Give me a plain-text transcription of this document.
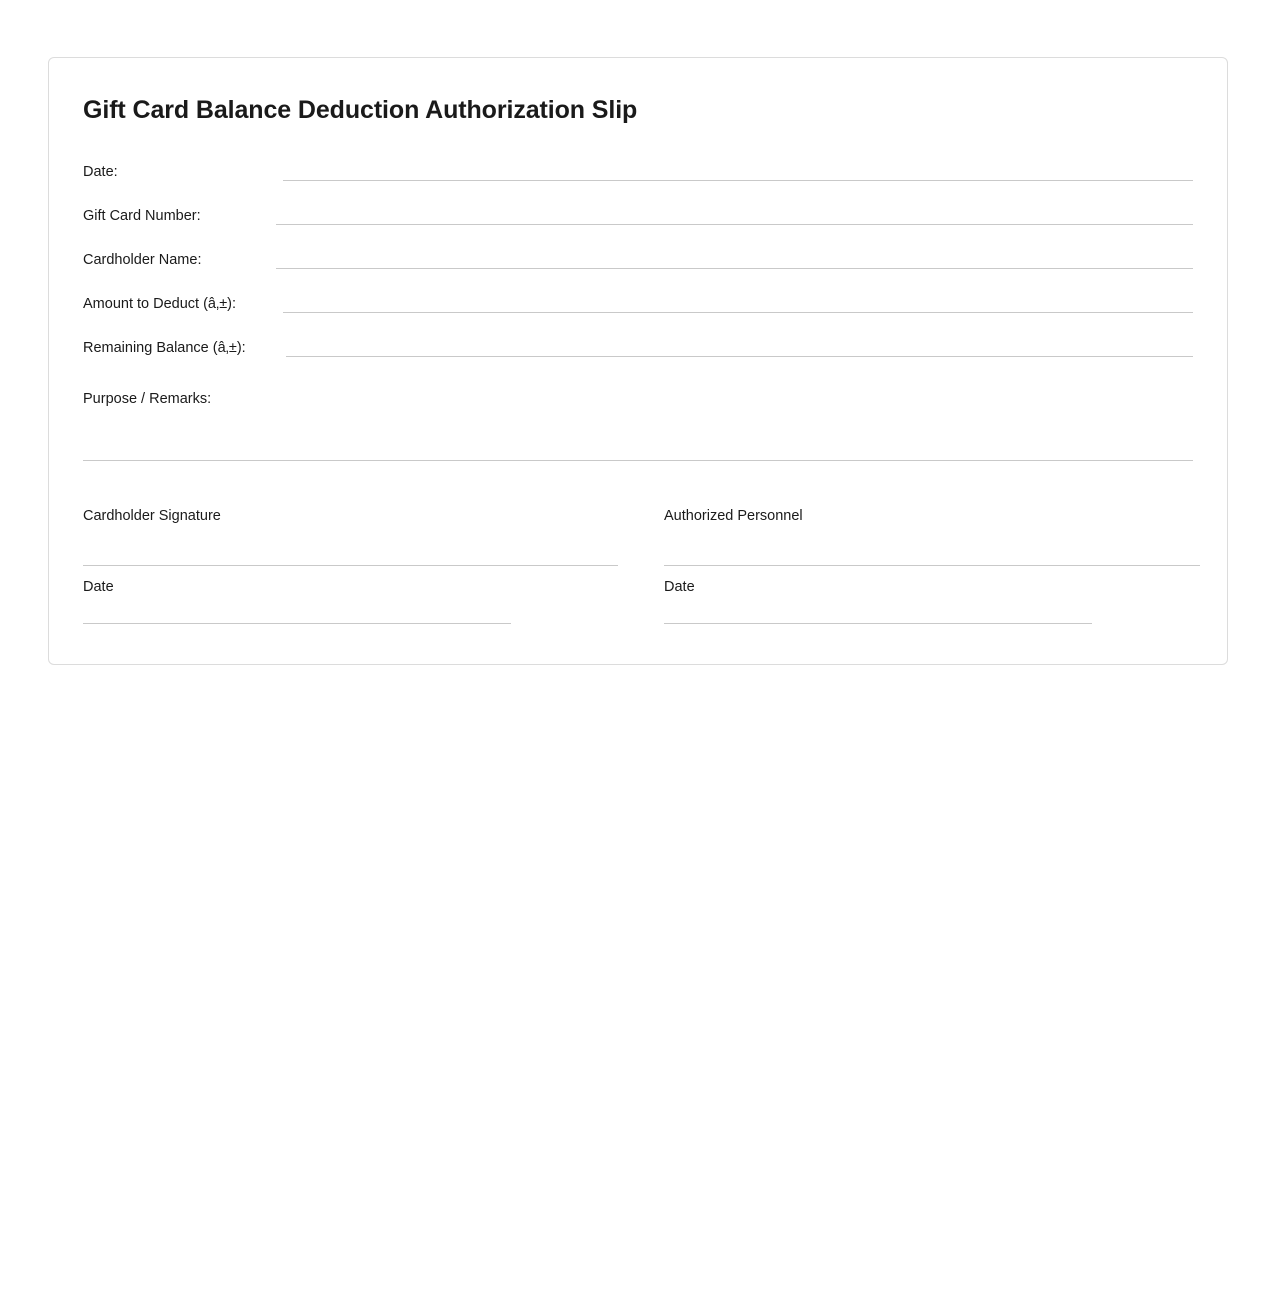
Gift Card Balance Deduction Authorization Slip
Date:
Gift Card Number:
Cardholder Name:
Amount to Deduct (â‚±):
Remaining Balance (â‚±):
Purpose / Remarks:
Cardholder Signature
Date
Authorized Personnel
Date
